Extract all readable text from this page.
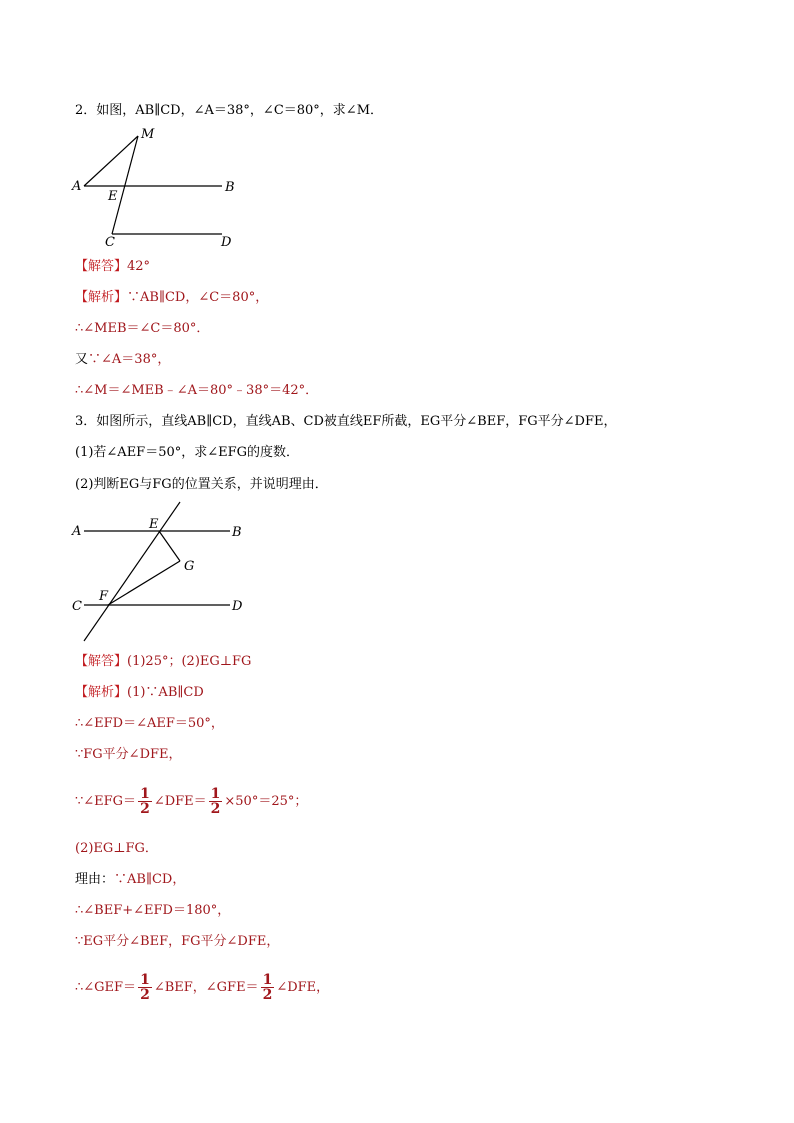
2．如图，AB∥CD，∠A＝38°，∠C＝80°，求∠M．
M
A	B
E
C	D
【解答】42°
【解析】∵AB∥CD，∠C＝80°，
∴∠MEB＝∠C＝80°．
又∵∠A＝38°，
∴∠M＝∠MEB﹣∠A＝80°﹣38°＝42°．
3．如图所示，直线AB∥CD，直线AB、CD被直线EF所截，EG平分∠BEF，FG平分∠DFE，
(1)若∠AEF＝50°，求∠EFG的度数．
(2)判断EG与FG的位置关系，并说明理由．
A	E
B
G
C
F
D
【解答】(1)25°；(2)EG⊥FG
【解析】(1)∵AB∥CD
∴∠EFD＝∠AEF＝50°，
∵FG平分∠DFE，
∵∠EFG＝ $\frac{1}{2}$ ∠DFE＝ $\frac{1}{2} \times 50^\circ=25^\circ$；
(2)EG⊥FG．
理由：∵AB∥CD，
∴∠BEF+∠EFD＝180°，
∵EG平分∠BEF，FG平分∠DFE，
∴∠GEF＝ $\frac{1}{2}$ ∠BEF，∠GFE＝ $\frac{1}{2}$ ∠DFE，
